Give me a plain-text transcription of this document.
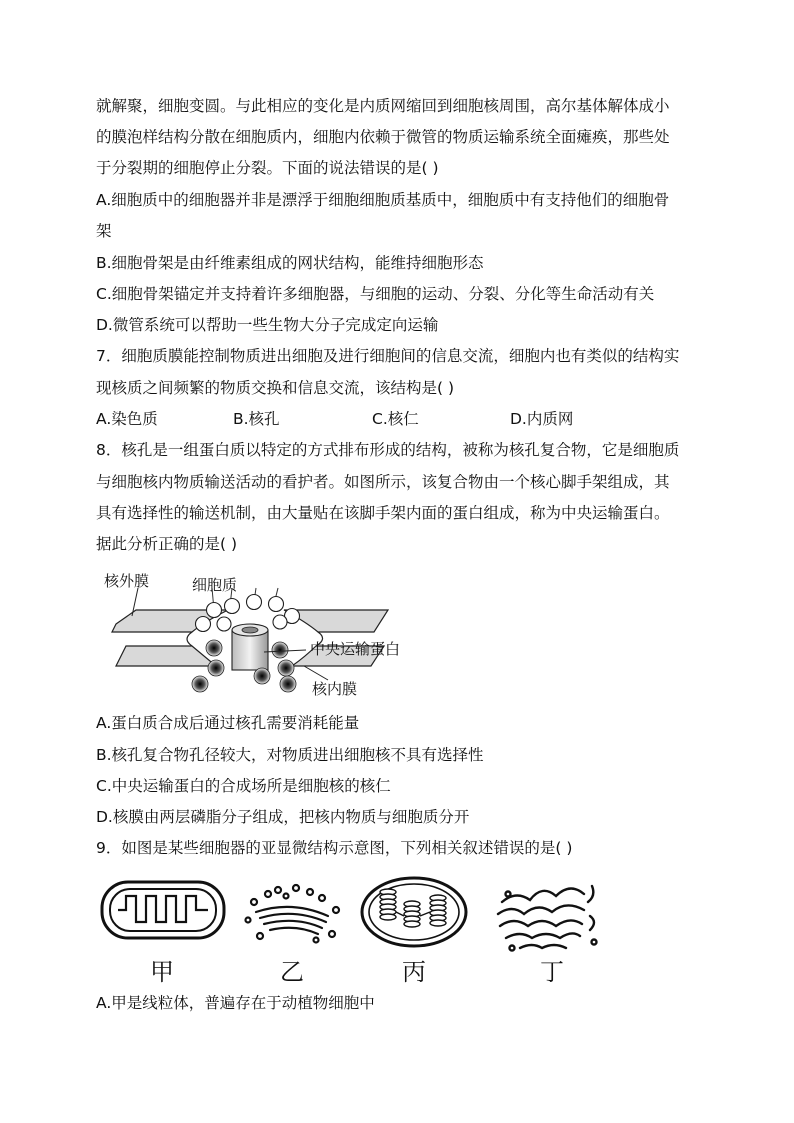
就解聚，细胞变圆。与此相应的变化是内质网缩回到细胞核周围，高尔基体解体成小
的膜泡样结构分散在细胞质内，细胞内依赖于微管的物质运输系统全面瘫痪，那些处
于分裂期的细胞停止分裂。下面的说法错误的是( )
A.细胞质中的细胞器并非是漂浮于细胞细胞质基质中，细胞质中有支持他们的细胞骨
架
B.细胞骨架是由纤维素组成的网状结构，能维持细胞形态
C.细胞骨架锚定并支持着许多细胞器，与细胞的运动、分裂、分化等生命活动有关
D.微管系统可以帮助一些生物大分子完成定向运输
7．细胞质膜能控制物质进出细胞及进行细胞间的信息交流，细胞内也有类似的结构实
现核质之间频繁的物质交换和信息交流，该结构是( )
A.染色质	B.核孔	C.核仁	D.内质网
8．核孔是一组蛋白质以特定的方式排布形成的结构，被称为核孔复合物，它是细胞质
与细胞核内物质输送活动的看护者。如图所示，该复合物由一个核心脚手架组成，其
具有选择性的输送机制，由大量贴在该脚手架内面的蛋白组成，称为中央运输蛋白。
据此分析正确的是( )
核外膜	细胞质
中央运输蛋白
核内膜
A.蛋白质合成后通过核孔需要消耗能量
B.核孔复合物孔径较大，对物质进出细胞核不具有选择性
C.中央运输蛋白的合成场所是细胞核的核仁
D.核膜由两层磷脂分子组成，把核内物质与细胞质分开
9．如图是某些细胞器的亚显微结构示意图，下列相关叙述错误的是( )
甲	乙	丙	丁
A.甲是线粒体，普遍存在于动植物细胞中
